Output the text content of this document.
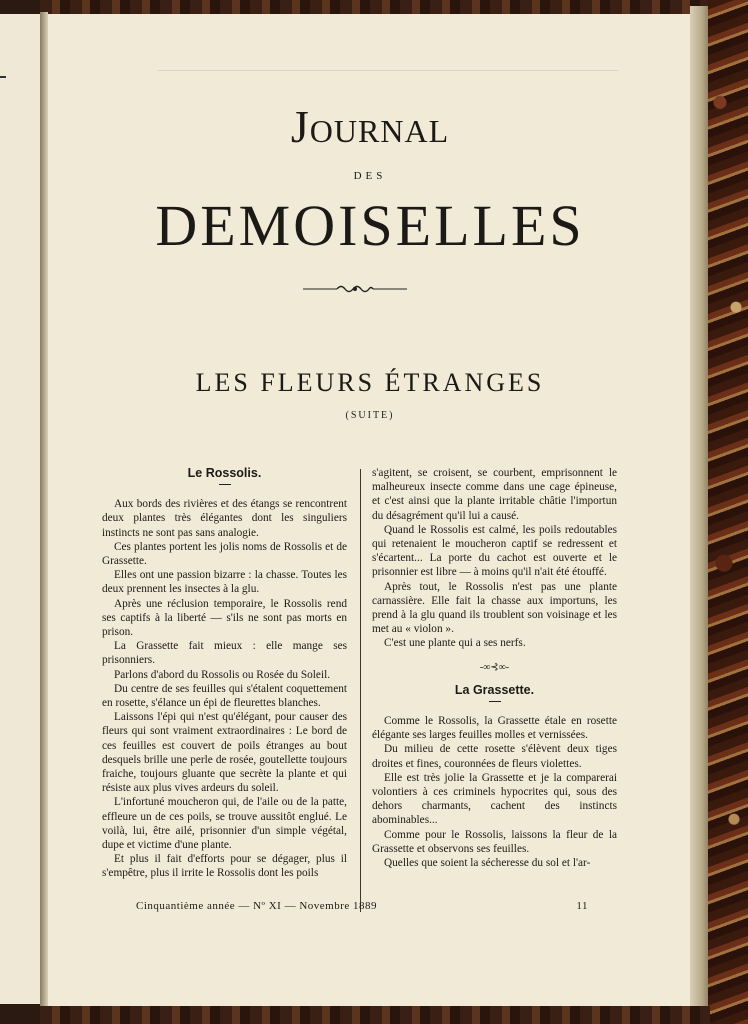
JOURNAL
DES
DEMOISELLES
LES FLEURS ÉTRANGES
(SUITE)
Le Rossolis.

Aux bords des rivières et des étangs se rencontrent deux plantes très élégantes dont les singuliers instincts ne sont pas sans analogie.

Ces plantes portent les jolis noms de Rossolis et de Grassette.

Elles ont une passion bizarre : la chasse. Toutes les deux prennent les insectes à la glu.

Après une réclusion temporaire, le Rossolis rend ses captifs à la liberté — s'ils ne sont pas morts en prison.

La Grassette fait mieux : elle mange ses prisonniers.

Parlons d'abord du Rossolis ou Rosée du Soleil.

Du centre de ses feuilles qui s'étalent coquettement en rosette, s'élance un épi de fleurettes blanches.

Laissons l'épi qui n'est qu'élégant, pour causer des fleurs qui sont vraiment extraordinaires : Le bord de ces feuilles est couvert de poils étranges au bout desquels brille une perle de rosée, goutellette toujours fraiche, toujours gluante que secrète la plante et qui résiste aux plus vives ardeurs du soleil.

L'infortuné moucheron qui, de l'aile ou de la patte, effleure un de ces poils, se trouve aussitôt englué. Le voilà, lui, être ailé, prisonnier d'un simple végétal, dupe et victime d'une plante.

Et plus il fait d'efforts pour se dégager, plus il s'empêtre, plus il irrite le Rossolis dont les poils

s'agitent, se croisent, se courbent, emprisonnent le malheureux insecte comme dans une cage épineuse, et c'est ainsi que la plante irritable châtie l'importun du désagrément qu'il lui a causé.

Quand le Rossolis est calmé, les poils redoutables qui retenaient le moucheron captif se redressent et s'écartent... La porte du cachot est ouverte et le prisonnier est libre — à moins qu'il n'ait été étouffé.

Après tout, le Rossolis n'est pas une plante carnassière. Elle fait la chasse aux importuns, les prend à la glu quand ils troublent son voisinage et les met au « violon ».

C'est une plante qui a ses nerfs.

-∞⊰∞-
La Grassette.

Comme le Rossolis, la Grassette étale en rosette élégante ses larges feuilles molles et vernissées.

Du milieu de cette rosette s'élèvent deux tiges droites et fines, couronnées de fleurs violettes.

Elle est très jolie la Grassette et je la comparerai volontiers à ces criminels hypocrites qui, sous des dehors charmants, cachent des instincts abominables...

Comme pour le Rossolis, laissons la fleur de la Grassette et observons ses feuilles.

Quelles que soient la sécheresse du sol et l'ar-

Cinquantième année — Nº XI — Novembre 1889	11
